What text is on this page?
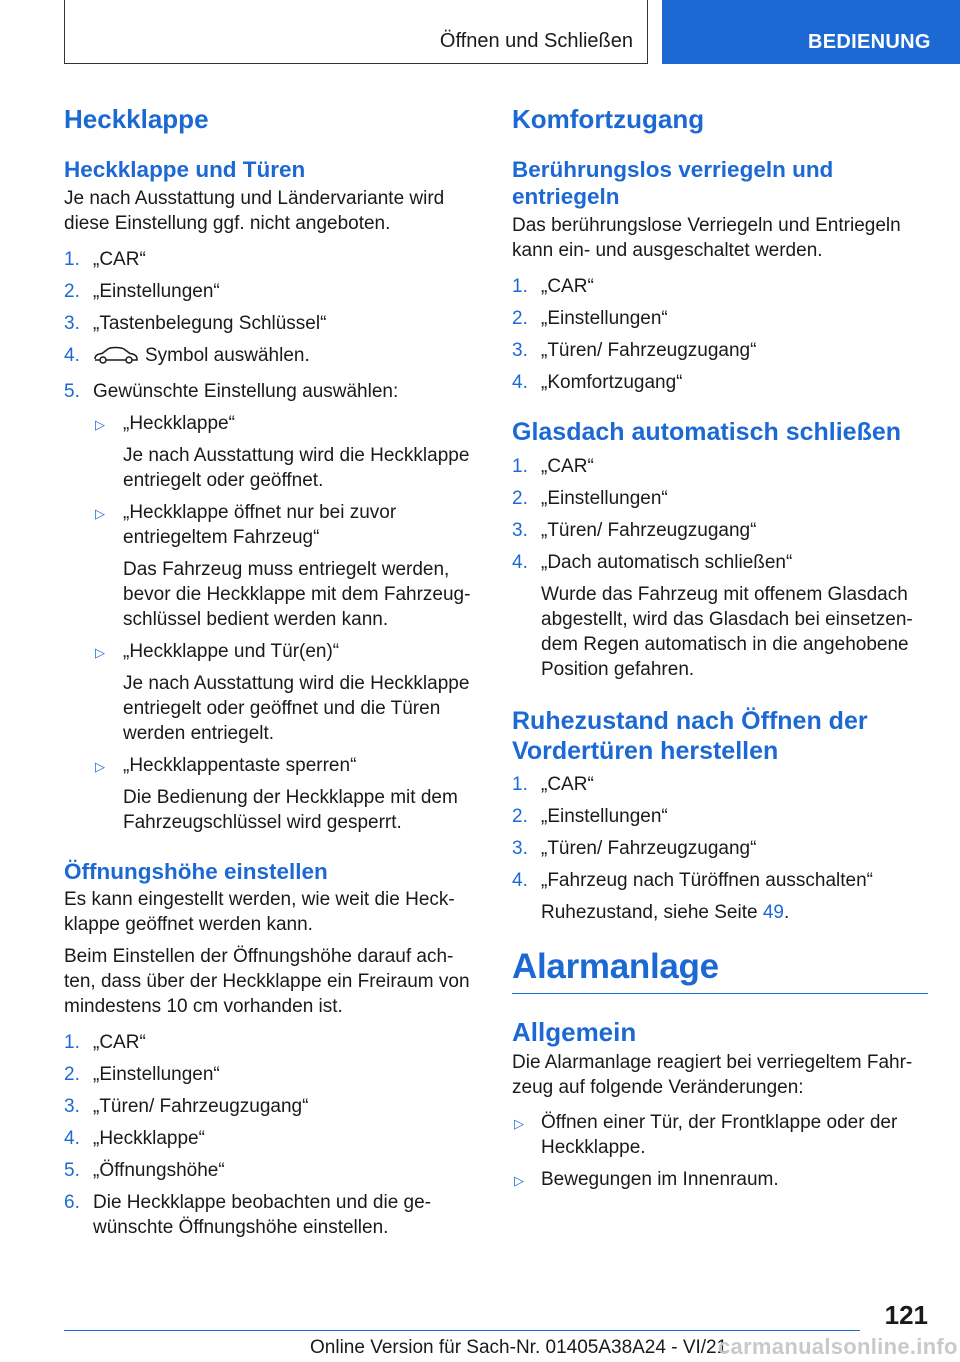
Öffnen und Schließen	BEDIENUNG
Heckklappe
Heckklappe und Türen

Je nach Ausstattung und Ländervariante wird diese Einstellung ggf. nicht angeboten.

1. „CAR“
2. „Einstellungen“
3. „Tastenbelegung Schlüssel“
4.	Symbol auswählen.
5. Gewünschte Einstellung auswählen:
▷ „Heckklappe“

Je nach Ausstattung wird die Heckklappe entriegelt oder geöffnet.

▷ „Heckklappe öffnet nur bei zuvor entriegeltem Fahrzeug“

Das Fahrzeug muss entriegelt werden, bevor die Heckklappe mit dem Fahrzeug-schlüssel bedient werden kann.

▷ „Heckklappe und Tür(en)“

Je nach Ausstattung wird die Heckklappe entriegelt oder geöffnet und die Türen werden entriegelt.

▷ „Heckklappentaste sperren“

Die Bedienung der Heckklappe mit dem Fahrzeugschlüssel wird gesperrt.

Öffnungshöhe einstellen

Es kann eingestellt werden, wie weit die Heck-klappe geöffnet werden kann.

Beim Einstellen der Öffnungshöhe darauf ach-ten, dass über der Heckklappe ein Freiraum von mindestens 10 cm vorhanden ist.

1. „CAR“
2. „Einstellungen“
3. „Türen/ Fahrzeugzugang“
4. „Heckklappe“
5. „Öffnungshöhe“
6. Die Heckklappe beobachten und die ge-wünschte Öffnungshöhe einstellen.
Komfortzugang
Berührungslos verriegeln und entriegeln

Das berührungslose Verriegeln und Entriegeln kann ein- und ausgeschaltet werden.

1. „CAR“
2. „Einstellungen“
3. „Türen/ Fahrzeugzugang“
4. „Komfortzugang“
Glasdach automatisch schließen
1. „CAR“
2. „Einstellungen“
3. „Türen/ Fahrzeugzugang“
4. „Dach automatisch schließen“

Wurde das Fahrzeug mit offenem Glasdach abgestellt, wird das Glasdach bei einsetzen-dem Regen automatisch in die angehobene Position gefahren.

Ruhezustand nach Öffnen der Vordertüren herstellen
1. „CAR“
2. „Einstellungen“
3. „Türen/ Fahrzeugzugang“
4. „Fahrzeug nach Türöffnen ausschalten“

Ruhezustand, siehe Seite 49.

Alarmanlage
Allgemein

Die Alarmanlage reagiert bei verriegeltem Fahr-zeug auf folgende Veränderungen:

▷ Öffnen einer Tür, der Frontklappe oder der Heckklappe.
▷ Bewegungen im Innenraum.
121
Online Version für Sach-Nr. 01405A38A24 - VI/21
carmanualsonline.info
